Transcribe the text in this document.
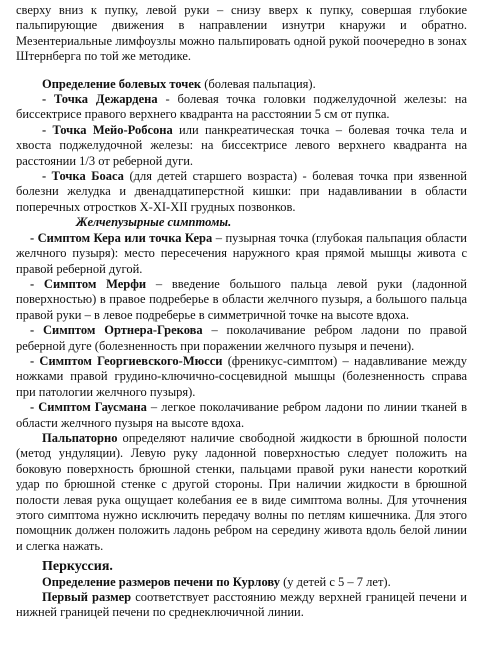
сверху вниз к пупку, левой руки – снизу вверх к пупку, совершая глубокие пальпирующие движения в направлении изнутри кнаружи и обратно. Мезентериальные лимфоузлы можно пальпировать одной рукой поочередно в зонах Штернберга по той же методике.

Определение болевых точек (болевая пальпация).

- Точка Дежардена - болевая точка головки поджелудочной железы: на биссектрисе правого верхнего квадранта на расстоянии 5 см от пупка.

- Точка Мейо-Робсона или панкреатическая точка – болевая точка тела и хвоста поджелудочной железы: на биссектрисе левого верхнего квадранта на расстоянии 1/3 от реберной дуги.

- Точка Боаса (для детей старшего возраста) - болевая точка при язвенной болезни желудка и двенадцатиперстной кишки: при надавливании в области поперечных отростков X-XI-XII грудных позвонков.

Желчепузырные симптомы.

- Симптом Кера или точка Кера – пузырная точка (глубокая пальпация области желчного пузыря): место пересечения наружного края прямой мышцы живота с правой реберной дугой.

- Симптом Мерфи – введение большого пальца левой руки (ладонной поверхностью) в правое подреберье в области желчного пузыря, а большого пальца правой руки – в левое подреберье в симметричной точке на высоте вдоха.

- Симптом Ортнера-Грекова – поколачивание ребром ладони по правой реберной дуге (болезненность при поражении желчного пузыря и печени).

- Симптом Георгиевского-Мюсси (френикус-симптом) – надавливание между ножками правой грудино-ключично-сосцевидной мышцы (болезненность справа при патологии желчного пузыря).

- Симптом Гаусмана – легкое поколачивание ребром ладони по линии тканей в области желчного пузыря на высоте вдоха.

Пальпаторно определяют наличие свободной жидкости в брюшной полости (метод ундуляции). Левую руку ладонной поверхностью следует положить на боковую поверхность брюшной стенки, пальцами правой руки нанести короткий удар по брюшной стенке с другой стороны. При наличии жидкости в брюшной полости левая рука ощущает колебания ее в виде симптома волны. Для уточнения этого симптома нужно исключить передачу волны по петлям кишечника. Для этого помощник должен положить ладонь ребром на середину живота вдоль белой линии и слегка нажать.

Перкуссия.

Определение размеров печени по Курлову (у детей с 5 – 7 лет).

Первый размер соответствует расстоянию между верхней границей печени и нижней границей печени по среднеключичной линии.
